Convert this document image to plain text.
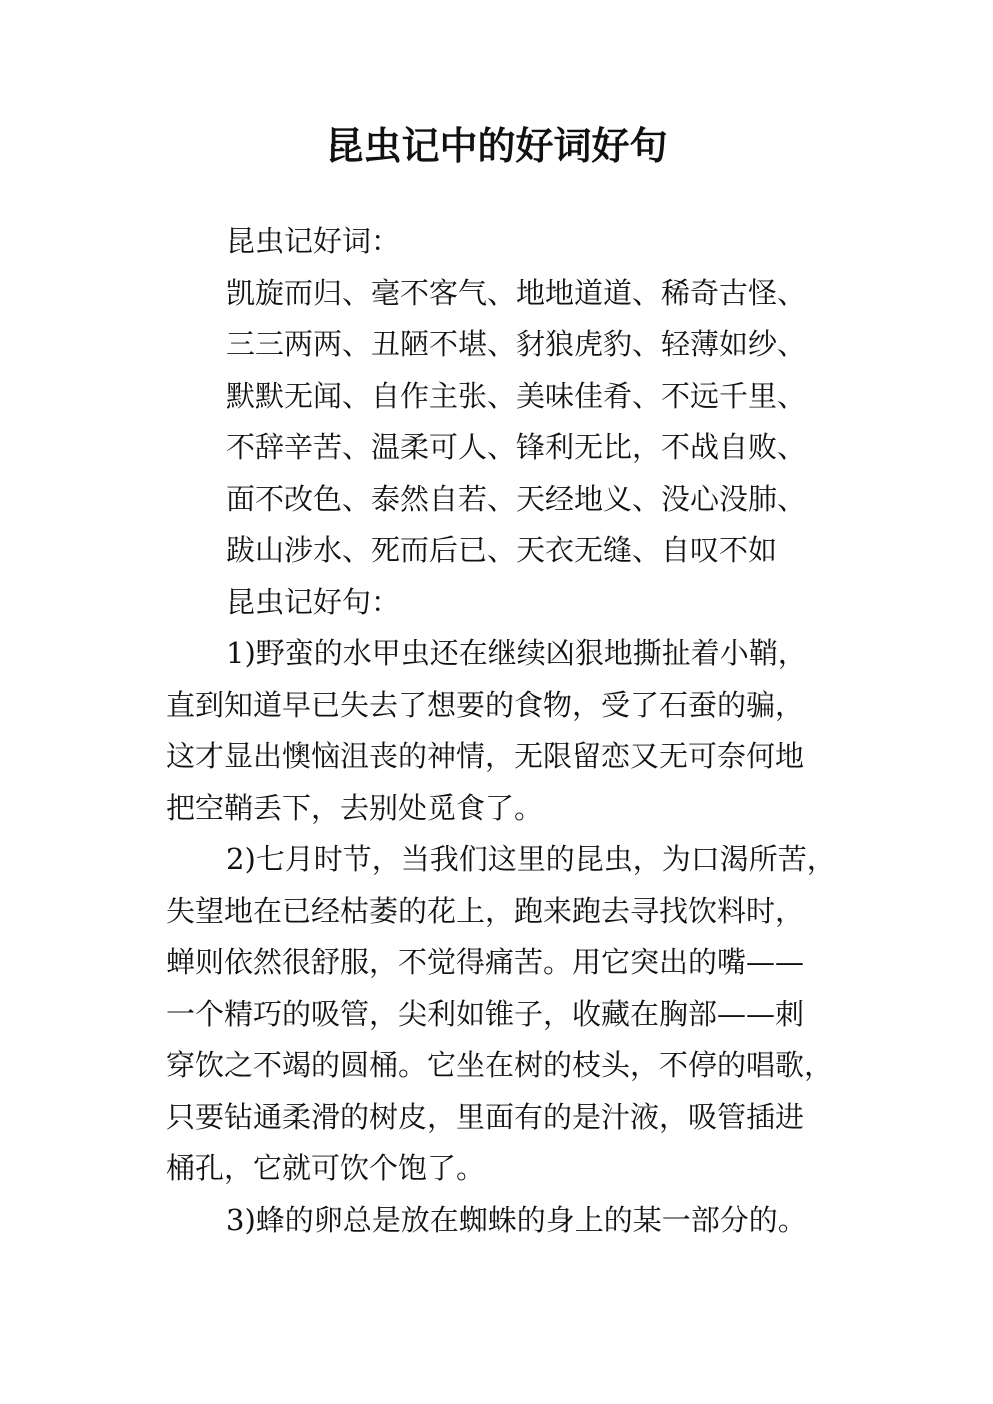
昆虫记中的好词好句
昆虫记好词：
凯旋而归、毫不客气、地地道道、稀奇古怪、
三三两两、丑陋不堪、豺狼虎豹、轻薄如纱、
默默无闻、自作主张、美味佳肴、不远千里、
不辞辛苦、温柔可人、锋利无比，不战自败、
面不改色、泰然自若、天经地义、没心没肺、
跋山涉水、死而后已、天衣无缝、自叹不如
昆虫记好句：
1)野蛮的水甲虫还在继续凶狠地撕扯着小鞘，
直到知道早已失去了想要的食物，受了石蚕的骗，
这才显出懊恼沮丧的神情，无限留恋又无可奈何地
把空鞘丢下，去别处觅食了。
2)七月时节，当我们这里的昆虫，为口渴所苦，
失望地在已经枯萎的花上，跑来跑去寻找饮料时，
蝉则依然很舒服，不觉得痛苦。用它突出的嘴——
一个精巧的吸管，尖利如锥子，收藏在胸部——刺
穿饮之不竭的圆桶。它坐在树的枝头，不停的唱歌，
只要钻通柔滑的树皮，里面有的是汁液，吸管插进
桶孔，它就可饮个饱了。
3)蜂的卵总是放在蜘蛛的身上的某一部分的。
